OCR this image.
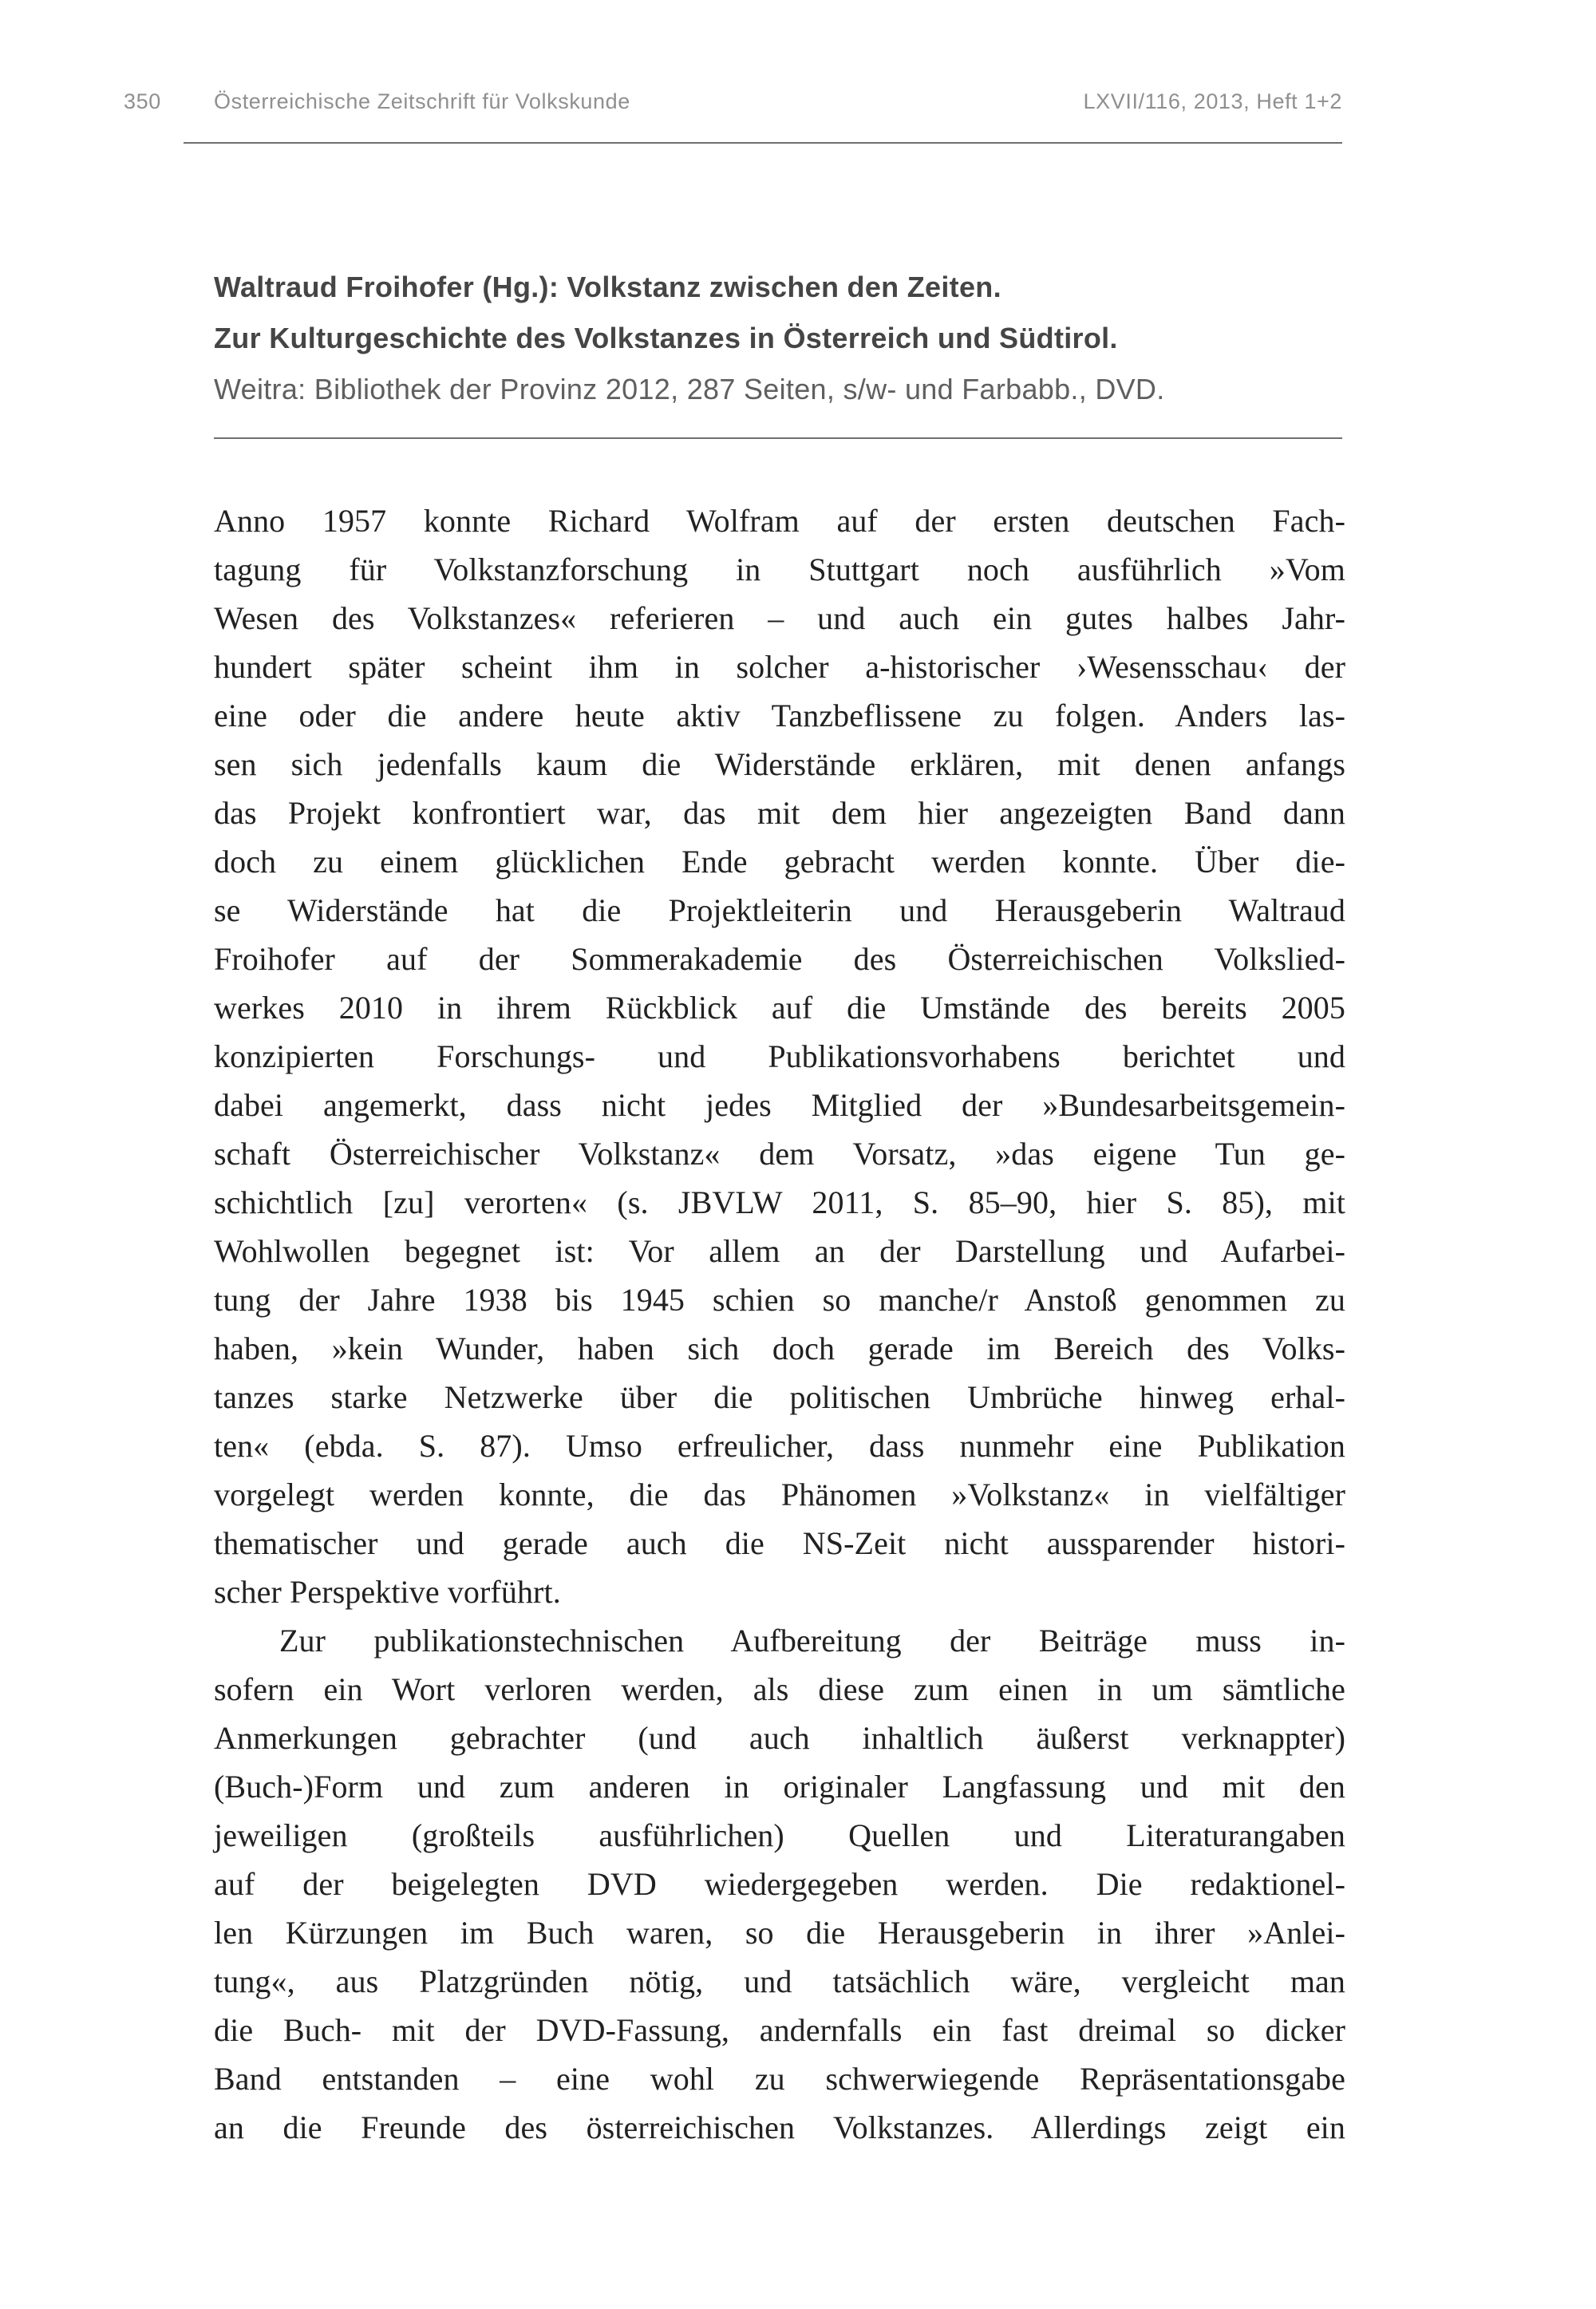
350	Österreichische Zeitschrift für Volkskunde	LXVII/116, 2013, Heft 1+2
Waltraud Froihofer (Hg.): Volkstanz zwischen den Zeiten.
Zur Kulturgeschichte des Volkstanzes in Österreich und Südtirol.
Weitra: Bibliothek der Provinz 2012, 287 Seiten, s/w- und Farbabb., DVD.
Anno 1957 konnte Richard Wolfram auf der ersten deutschen Fach-
tagung für Volkstanzforschung in Stuttgart noch ausführlich »Vom
Wesen des Volkstanzes« referieren – und auch ein gutes halbes Jahr-
hundert später scheint ihm in solcher a-historischer ›Wesensschau‹ der
eine oder die andere heute aktiv Tanzbeflissene zu folgen. Anders las-
sen sich jedenfalls kaum die Widerstände erklären, mit denen anfangs
das Projekt konfrontiert war, das mit dem hier angezeigten Band dann
doch zu einem glücklichen Ende gebracht werden konnte. Über die-
se Widerstände hat die Projektleiterin und Herausgeberin Waltraud
Froihofer auf der Sommerakademie des Österreichischen Volkslied-
werkes 2010 in ihrem Rückblick auf die Umstände des bereits 2005
konzipierten Forschungs- und Publikationsvorhabens berichtet und
dabei angemerkt, dass nicht jedes Mitglied der »Bundesarbeitsgemein-
schaft Österreichischer Volkstanz« dem Vorsatz, »das eigene Tun ge-
schichtlich [zu] verorten« (s. JBVLW 2011, S. 85–90, hier S. 85), mit
Wohlwollen begegnet ist: Vor allem an der Darstellung und Aufarbei-
tung der Jahre 1938 bis 1945 schien so manche/r Anstoß genommen zu
haben, »kein Wunder, haben sich doch gerade im Bereich des Volks-
tanzes starke Netzwerke über die politischen Umbrüche hinweg erhal-
ten« (ebda. S. 87). Umso erfreulicher, dass nunmehr eine Publikation
vorgelegt werden konnte, die das Phänomen »Volkstanz« in vielfältiger
thematischer und gerade auch die NS-Zeit nicht aussparender histori-
scher Perspektive vorführt.
Zur publikationstechnischen Aufbereitung der Beiträge muss in-
sofern ein Wort verloren werden, als diese zum einen in um sämtliche
Anmerkungen gebrachter (und auch inhaltlich äußerst verknappter)
(Buch-)Form und zum anderen in originaler Langfassung und mit den
jeweiligen (großteils ausführlichen) Quellen und Literaturangaben
auf der beigelegten DVD wiedergegeben werden. Die redaktionel-
len Kürzungen im Buch waren, so die Herausgeberin in ihrer »Anlei-
tung«, aus Platzgründen nötig, und tatsächlich wäre, vergleicht man
die Buch- mit der DVD-Fassung, andernfalls ein fast dreimal so dicker
Band entstanden – eine wohl zu schwerwiegende Repräsentationsgabe
an die Freunde des österreichischen Volkstanzes. Allerdings zeigt ein
